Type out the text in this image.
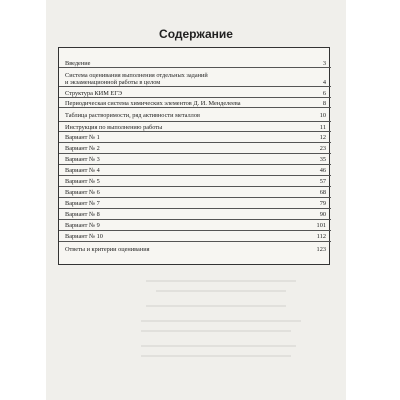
Содержание
Введение	3
Система оценивания выполнения отдельных заданий
и экзаменационной работы в целом	4
Структура КИМ ЕГЭ	6
Периодическая система химических элементов Д. И. Менделеева	8
Таблица растворимости, ряд активности металлов	10
Инструкция по выполнению работы	11
Вариант № 1	12
Вариант № 2	23
Вариант № 3	35
Вариант № 4	46
Вариант № 5	57
Вариант № 6	68
Вариант № 7	79
Вариант № 8	90
Вариант № 9	101
Вариант № 10	112
Ответы и критерии оценивания	123
